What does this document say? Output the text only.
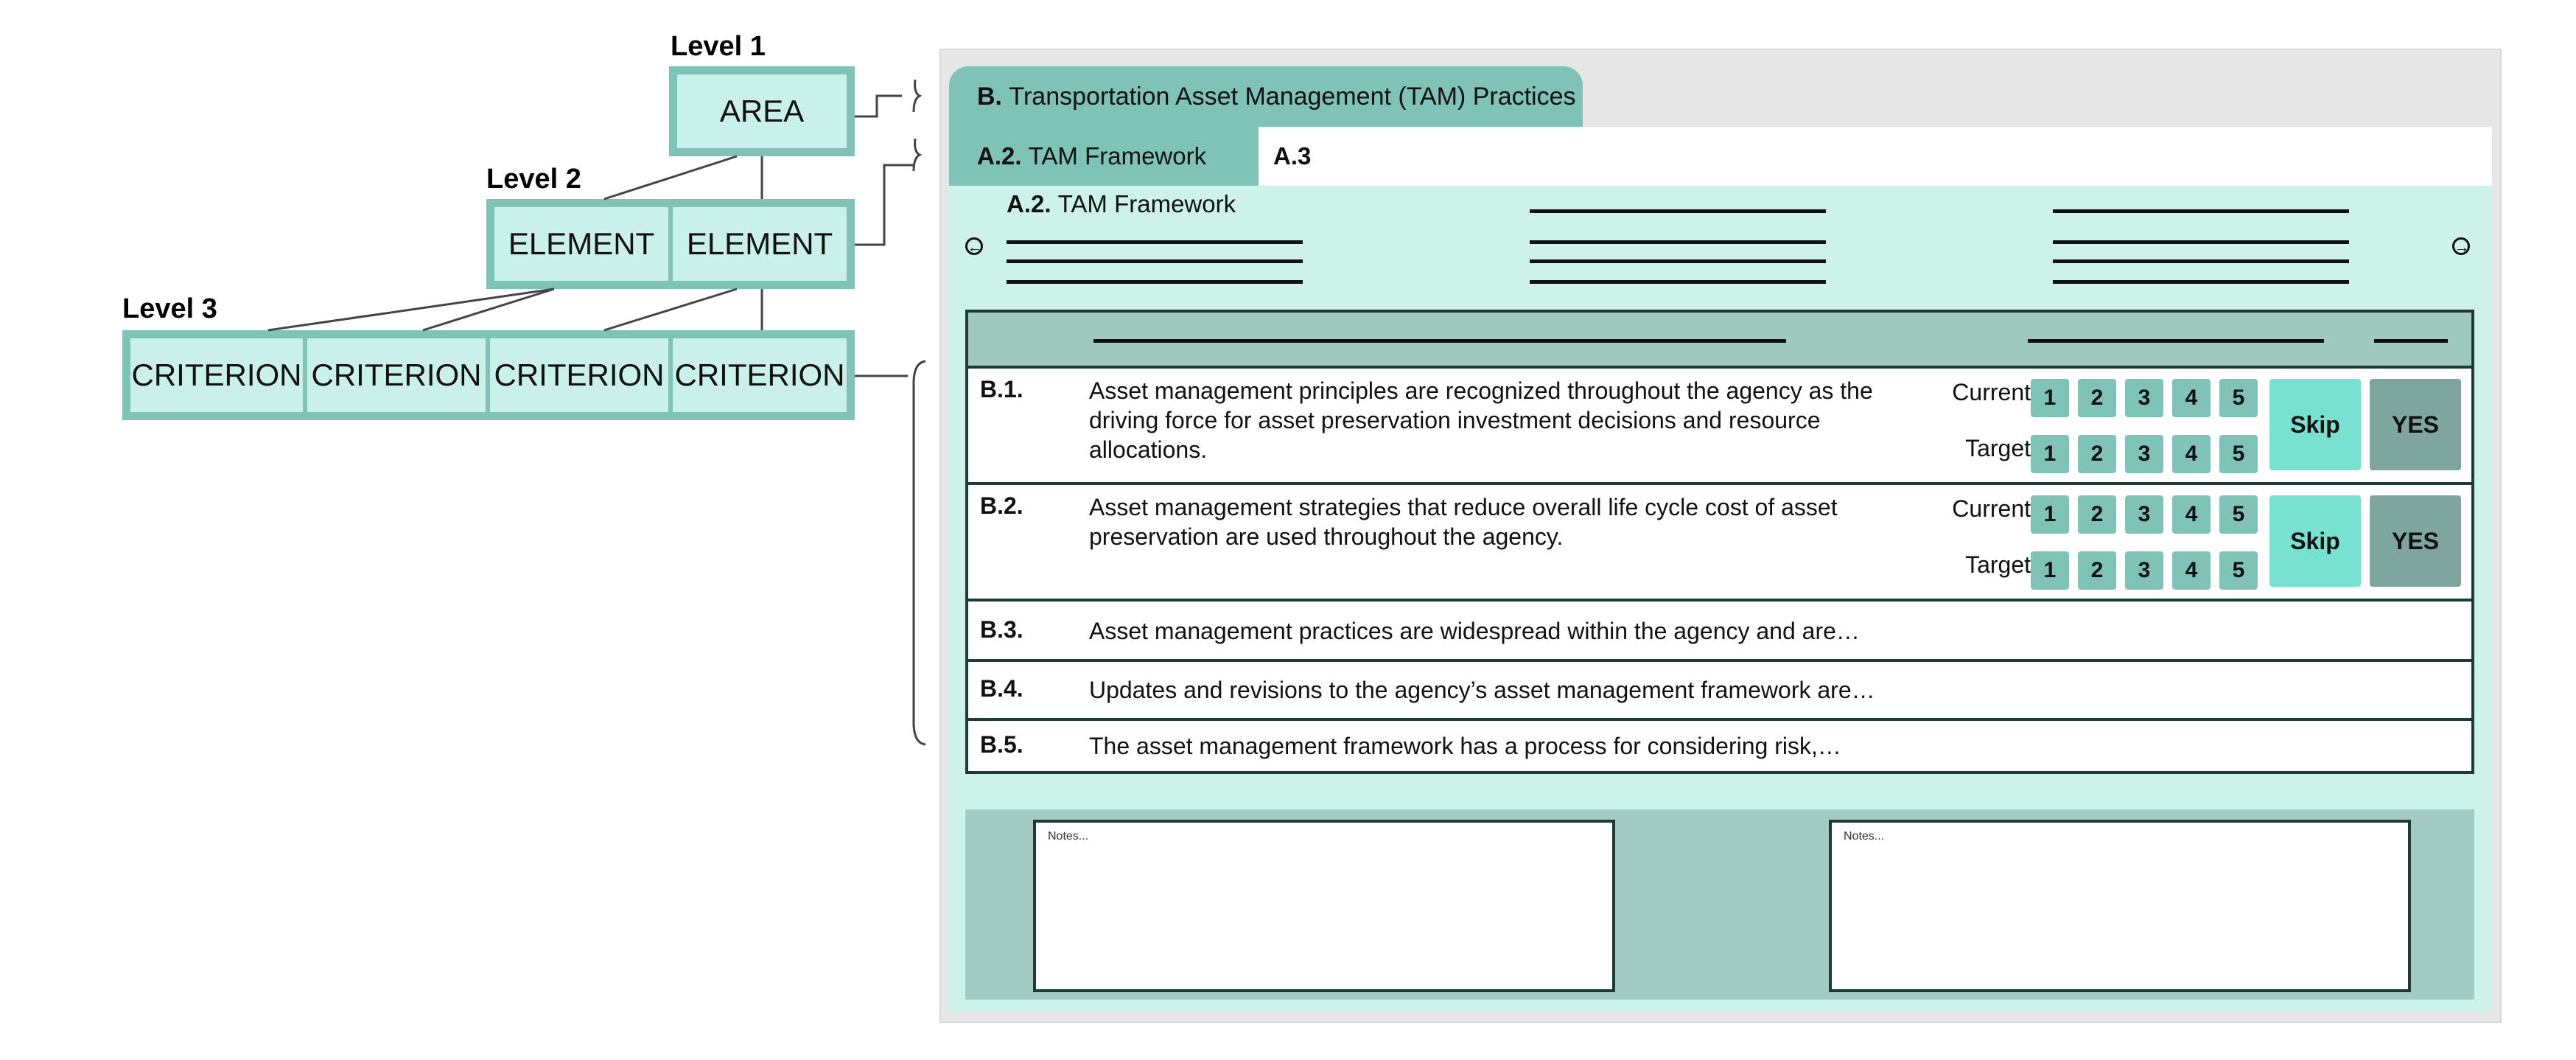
Level 1
Level 2
Level 3
AREA
ELEMENT	ELEMENT
CRITERION CRITERION CRITERION CRITERION
B.
Transportation Asset Management (TAM) Practices
A.2.
TAM Framework	A.3
A.2. TAM Framework
←	→
B.1.	Asset management principles are recognized throughout the agency as the driving force for asset preservation investment decisions and resource allocations.
Current
Target
1	2	3	4	5
1	2	3	4	5
Skip	YES
B.2.	Asset management strategies that reduce overall life cycle cost of asset preservation are used throughout the agency.
Current
Target
1	2	3	4	5
1	2	3	4	5
Skip	YES
B.3.	Asset management practices are widespread within the agency and are…
B.4.	Updates and revisions to the agency’s asset management framework are…
B.5.	The asset management framework has a process for considering risk,…
Notes...	Notes...
